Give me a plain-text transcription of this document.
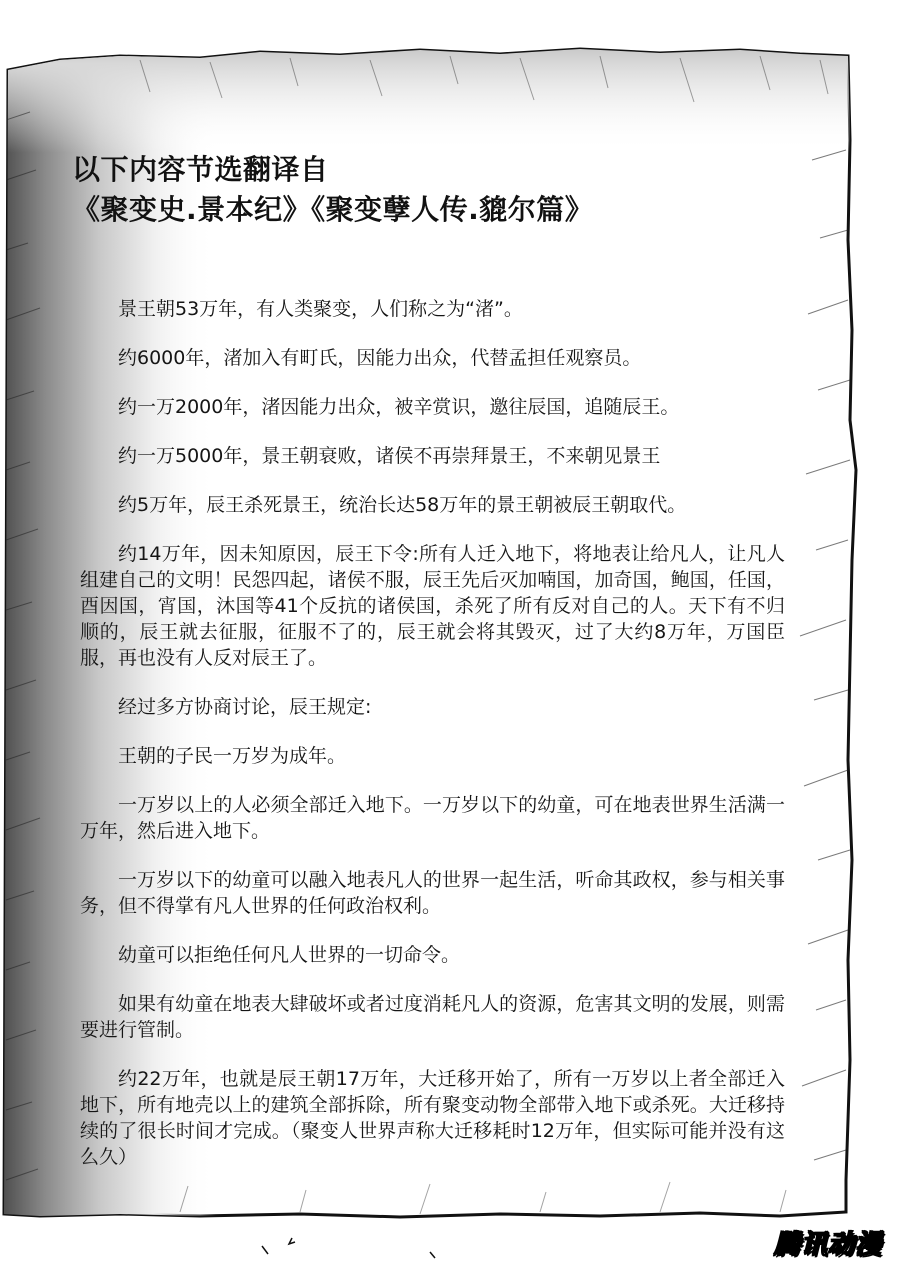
以下内容节选翻译自
《聚变史.景本纪》《聚变孽人传.貔尔篇》

景王朝53万年，有人类聚变，人们称之为“渚”。

约6000年，渚加入有町氏，因能力出众，代替孟担任观察员。

约一万2000年，渚因能力出众，被辛赏识，邀往辰国，追随辰王。

约一万5000年，景王朝衰败，诸侯不再崇拜景王，不来朝见景王

约5万年，辰王杀死景王，统治长达58万年的景王朝被辰王朝取代。

约14万年，因未知原因，辰王下令:所有人迁入地下，将地表让给凡人，让凡人组建自己的文明！民怨四起，诸侯不服，辰王先后灭加喃国，加奇国，鲍国，任国，酉因国，宵国，沐国等41个反抗的诸侯国，杀死了所有反对自己的人。天下有不归顺的，辰王就去征服，征服不了的，辰王就会将其毁灭，过了大约8万年，万国臣服，再也没有人反对辰王了。

经过多方协商讨论，辰王规定:

王朝的子民一万岁为成年。

一万岁以上的人必须全部迁入地下。一万岁以下的幼童，可在地表世界生活满一万年，然后进入地下。

一万岁以下的幼童可以融入地表凡人的世界一起生活，听命其政权，参与相关事务，但不得掌有凡人世界的任何政治权利。

幼童可以拒绝任何凡人世界的一切命令。

如果有幼童在地表大肆破坏或者过度消耗凡人的资源，危害其文明的发展，则需要进行管制。

约22万年，也就是辰王朝17万年，大迁移开始了，所有一万岁以上者全部迁入地下，所有地壳以上的建筑全部拆除，所有聚变动物全部带入地下或杀死。大迁移持续的了很长时间才完成。（聚变人世界声称大迁移耗时12万年，但实际可能并没有这么久）

腾讯动漫
